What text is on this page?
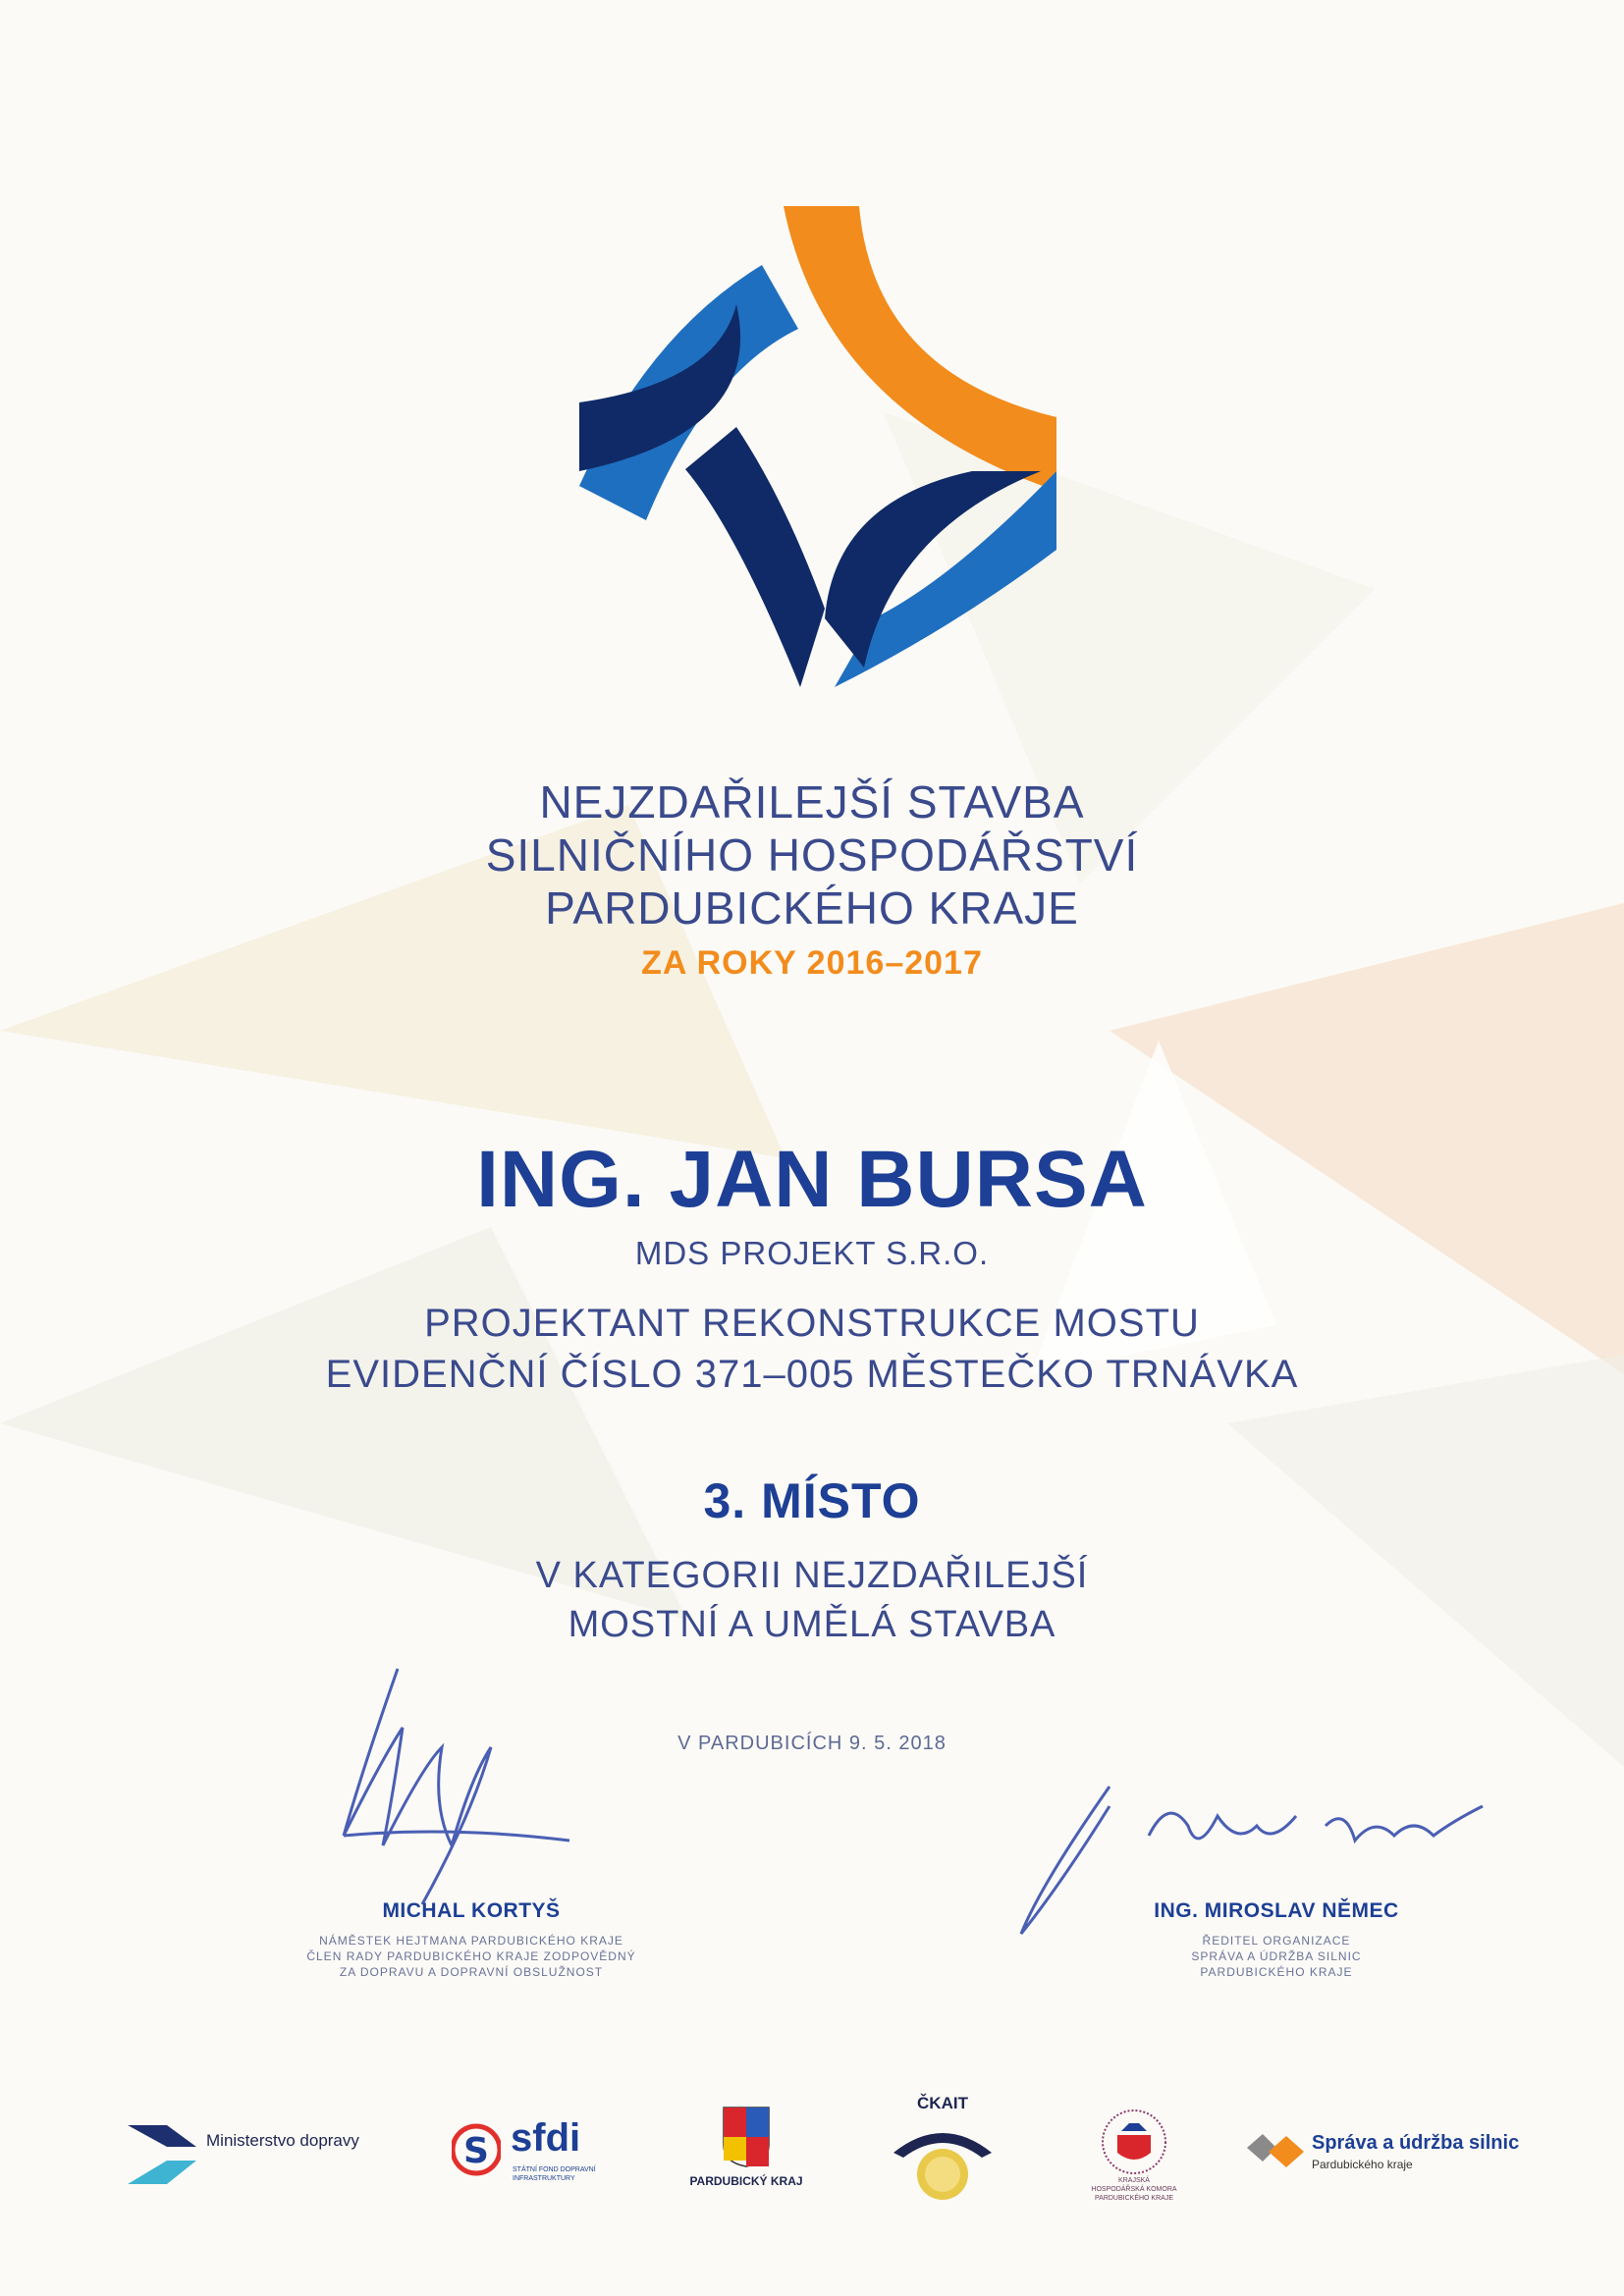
NEJZDAŘILEJŠÍ STAVBA
SILNIČNÍHO HOSPODÁŘSTVÍ
PARDUBICKÉHO KRAJE
ZA ROKY 2016–2017
ING. JAN BURSA
MDS PROJEKT S.R.O.
PROJEKTANT REKONSTRUKCE MOSTU
EVIDENČNÍ ČÍSLO 371–005 MĚSTEČKO TRNÁVKA
3. MÍSTO
V KATEGORII NEJZDAŘILEJŠÍ
MOSTNÍ A UMĚLÁ STAVBA
V PARDUBICÍCH 9. 5. 2018
MICHAL KORTYŠ
NÁMĚSTEK HEJTMANA PARDUBICKÉHO KRAJE
ČLEN RADY PARDUBICKÉHO KRAJE ZODPOVĚDNÝ
ZA DOPRAVU A DOPRAVNÍ OBSLUŽNOST
ING. MIROSLAV NĚMEC
ŘEDITEL ORGANIZACE
SPRÁVA A ÚDRŽBA SILNIC
PARDUBICKÉHO KRAJE
Ministerstvo dopravy	S sfdi
STÁTNÍ FOND DOPRAVNÍ
INFRASTRUKTURY	PARDUBICKÝ KRAJ
ČKAIT
KRAJSKÁ
HOSPODÁŘSKÁ KOMORA
PARDUBICKÉHO KRAJE
Správa a údržba silnic
Pardubického kraje
